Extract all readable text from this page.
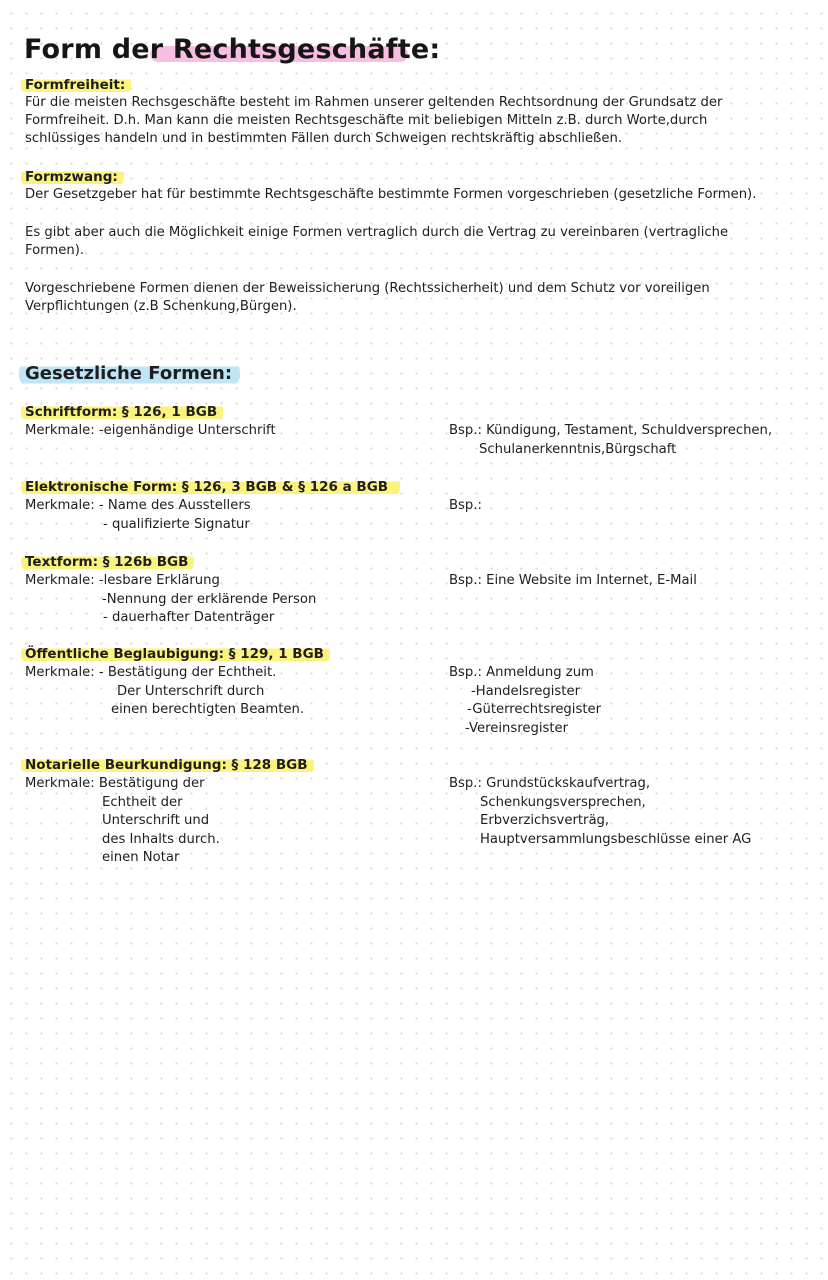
Form der Rechtsgeschäfte:
Formfreiheit:
Für die meisten Rechsgeschäfte besteht im Rahmen unserer geltenden Rechtsordnung der Grundsatz der
Formfreiheit. D.h. Man kann die meisten Rechtsgeschäfte mit beliebigen Mitteln z.B. durch Worte,durch
schlüssiges handeln und in bestimmten Fällen durch Schweigen rechtskräftig abschließen.
Formzwang:
Der Gesetzgeber hat für bestimmte Rechtsgeschäfte bestimmte Formen vorgeschrieben (gesetzliche Formen).
Es gibt aber auch die Möglichkeit einige Formen vertraglich durch die Vertrag zu vereinbaren (vertragliche
Formen).
Vorgeschriebene Formen dienen der Beweissicherung (Rechtssicherheit) und dem Schutz vor voreiligen
Verpflichtungen (z.B Schenkung,Bürgen).
Gesetzliche Formen:
Schriftform: § 126, 1 BGB
Merkmale: -eigenhändige Unterschrift	Bsp.: Kündigung, Testament, Schuldversprechen,
Schulanerkenntnis,Bürgschaft
Elektronische Form: § 126, 3 BGB & § 126 a BGB
Merkmale: - Name des Ausstellers
- qualifizierte Signatur
Bsp.:
Textform: § 126b BGB
Merkmale: -lesbare Erklärung
-Nennung der erklärende Person
- dauerhafter Datenträger
Bsp.: Eine Website im Internet, E-Mail
Öffentliche Beglaubigung: § 129, 1 BGB
Merkmale: - Bestätigung der Echtheit.
Der Unterschrift durch
einen berechtigten Beamten.
Bsp.: Anmeldung zum
-Handelsregister
-Güterrechtsregister
-Vereinsregister
Notarielle Beurkundigung: § 128 BGB
Merkmale: Bestätigung der
Echtheit der
Unterschrift und
des Inhalts durch.
einen Notar
Bsp.: Grundstückskaufvertrag,
Schenkungsversprechen,
Erbverzichsverträg,
Hauptversammlungsbeschlüsse einer AG
